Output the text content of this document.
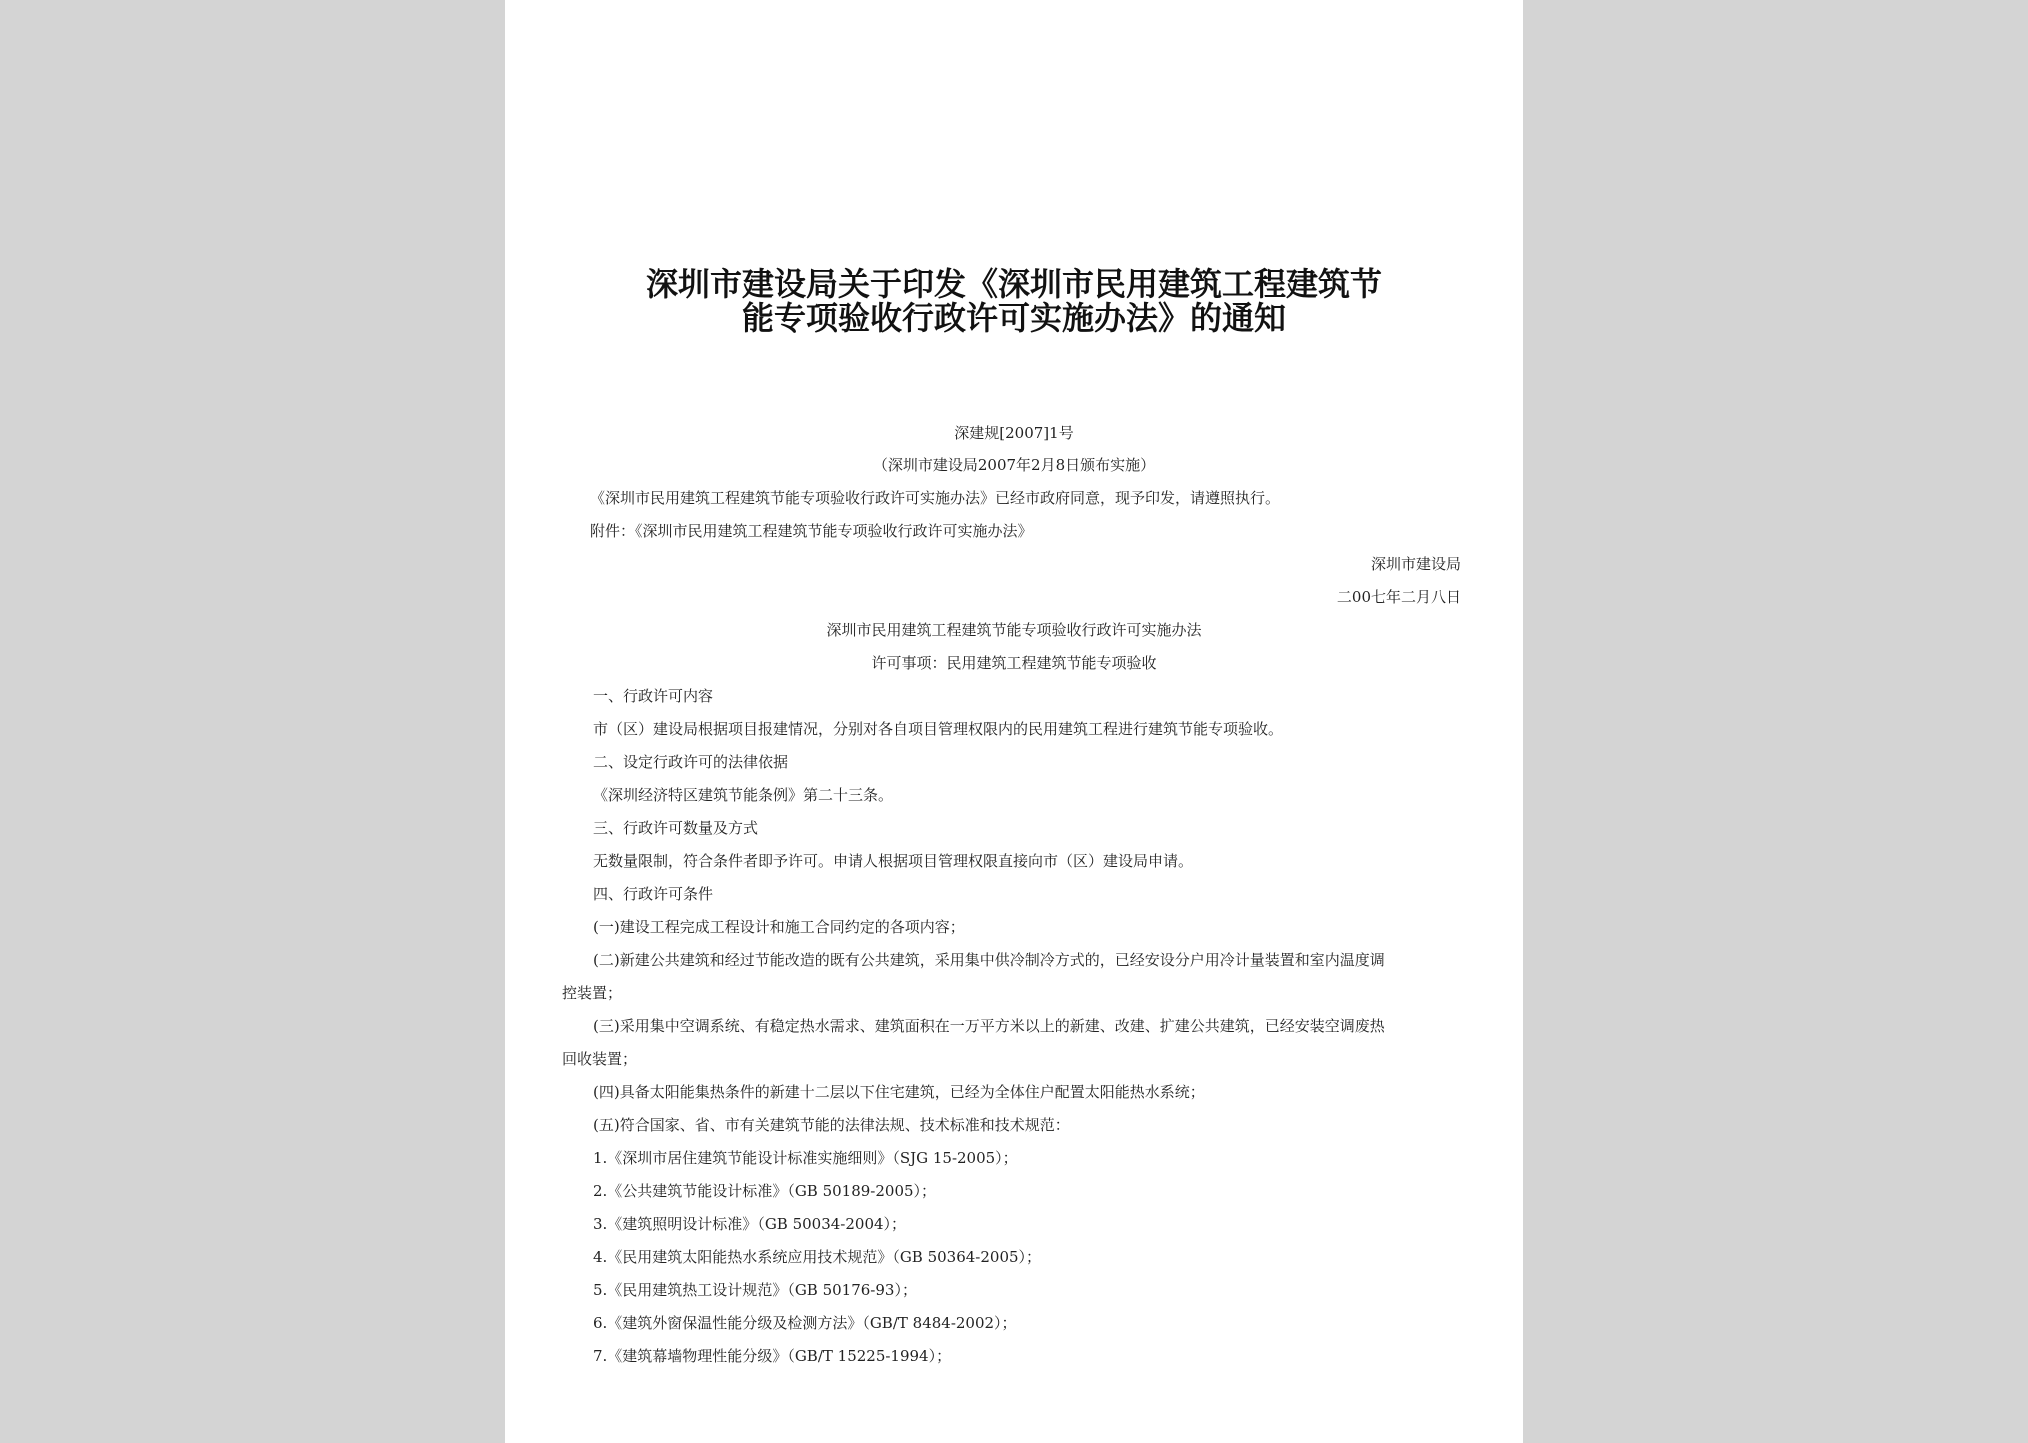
深圳市建设局关于印发《深圳市民用建筑工程建筑节
能专项验收行政许可实施办法》的通知
深建规[2007]1号
（深圳市建设局2007年2月8日颁布实施）
《深圳市民用建筑工程建筑节能专项验收行政许可实施办法》已经市政府同意，现予印发，请遵照执行。
附件：《深圳市民用建筑工程建筑节能专项验收行政许可实施办法》
深圳市建设局
二00七年二月八日
深圳市民用建筑工程建筑节能专项验收行政许可实施办法
许可事项：民用建筑工程建筑节能专项验收
一、行政许可内容
市（区）建设局根据项目报建情况，分别对各自项目管理权限内的民用建筑工程进行建筑节能专项验收。
二、设定行政许可的法律依据
《深圳经济特区建筑节能条例》第二十三条。
三、行政许可数量及方式
无数量限制，符合条件者即予许可。申请人根据项目管理权限直接向市（区）建设局申请。
四、行政许可条件
(一)建设工程完成工程设计和施工合同约定的各项内容；
(二)新建公共建筑和经过节能改造的既有公共建筑，采用集中供冷制冷方式的，已经安设分户用冷计量装置和室内温度调
控装置；
(三)采用集中空调系统、有稳定热水需求、建筑面积在一万平方米以上的新建、改建、扩建公共建筑，已经安装空调废热
回收装置；
(四)具备太阳能集热条件的新建十二层以下住宅建筑，已经为全体住户配置太阳能热水系统；
(五)符合国家、省、市有关建筑节能的法律法规、技术标准和技术规范：
1.《深圳市居住建筑节能设计标准实施细则》（SJG 15-2005）；
2.《公共建筑节能设计标准》（GB 50189-2005）；
3.《建筑照明设计标准》（GB 50034-2004）；
4.《民用建筑太阳能热水系统应用技术规范》（GB 50364-2005）；
5.《民用建筑热工设计规范》（GB 50176-93）；
6.《建筑外窗保温性能分级及检测方法》（GB/T 8484-2002）；
7.《建筑幕墙物理性能分级》（GB/T 15225-1994）；
